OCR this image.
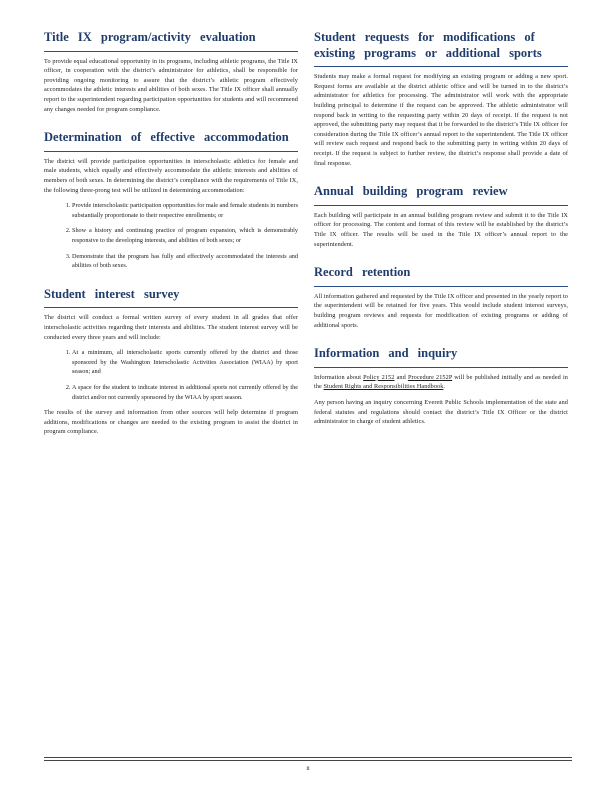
Title IX program/activity evaluation

To provide equal educational opportunity in its programs, including athletic programs, the Title IX officer, in cooperation with the district’s administrator for athletics, shall be responsible for providing ongoing monitoring to assure that the district’s athletic program effectively accommodates the athletic interests and abilities of both sexes. The Title IX officer shall annually report to the superintendent regarding participation opportunities for students and will recommend any changes needed for program compliance.

Determination of effective accommodation

The district will provide participation opportunities in interscholastic athletics for female and male students, which equally and effectively accommodate the athletic interests and abilities of members of both sexes. In determining the district’s compliance with the requirements of Title IX, the following three-prong test will be utilized in determining accommodation:

1. Provide interscholastic participation opportunities for male and female students in numbers substantially proportionate to their respective enrollments; or
2. Show a history and continuing practice of program expansion, which is demonstrably responsive to the developing interests, and abilities of both sexes; or
3. Demonstrate that the program has fully and effectively accommodated the interests and abilities of both sexes.
Student interest survey

The district will conduct a formal written survey of every student in all grades that offer interscholastic activities regarding their interests and abilities. The student interest survey will be conducted every three years and will include:

1. At a minimum, all interscholastic sports currently offered by the district and those sponsored by the Washington Interscholastic Activities Association (WIAA) by sport season; and
2. A space for the student to indicate interest in additional sports not currently offered by the district and/or not currently sponsored by the WIAA by sport season.

The results of the survey and information from other sources will help determine if program additions, modifications or changes are needed to the existing program to assist the district in program compliance.

Student requests for modifications of existing programs or additional sports

Students may make a formal request for modifying an existing program or adding a new sport. Request forms are available at the district athletic office and will be turned in to the district’s administrator for athletics for processing. The administrator will work with the appropriate building principal to determine if the request can be approved. The athletic administrator will respond back in writing to the requesting party within 20 days of receipt. If the request is not approved, the submitting party may request that it be forwarded to the district’s Title IX officer for consideration during the Title IX officer’s annual report to the superintendent. The Title IX officer will review each request and respond back to the submitting party in writing within 20 days of receipt. If the request is subject to further review, the district’s response shall provide a date of final response.

Annual building program review

Each building will participate in an annual building program review and submit it to the Title IX officer for processing. The content and format of this review will be established by the district’s Title IX officer. The results will be used in the Title IX officer’s annual report to the superintendent.

Record retention

All information gathered and requested by the Title IX officer and presented in the yearly report to the superintendent will be retained for five years. This would include student interest surveys, building program reviews and requests for modification of existing programs or adding of additional sports.

Information and inquiry

Information about Policy 2152 and Procedure 2152P will be published initially and as needed in the Student Rights and Responsibilities Handbook.

Any person having an inquiry concerning Everett Public Schools implementation of the state and federal statutes and regulations should contact the district’s Title IX Officer or the district administrator in charge of student athletics.

ii
